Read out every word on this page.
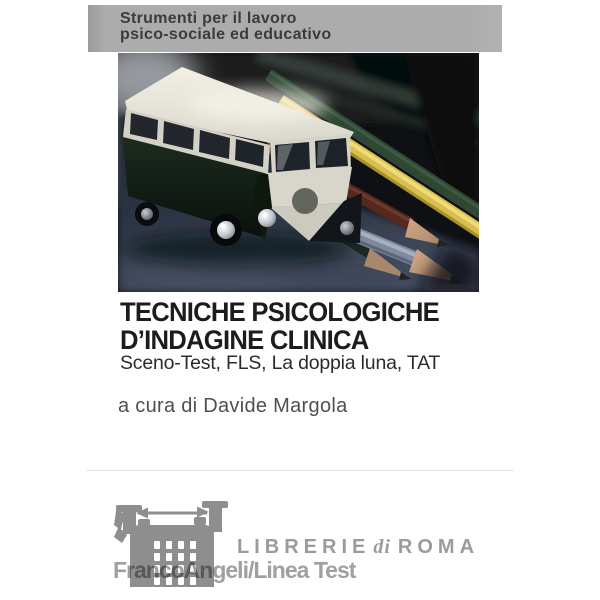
Strumenti per il lavoro
psico-sociale ed educativo
TECNICHE PSICOLOGICHE
D’INDAGINE CLINICA
Sceno-Test, FLS, La doppia luna, TAT
a cura di Davide Margola
LIBRERIE di ROMA
FrancoAngeli/Linea Test
